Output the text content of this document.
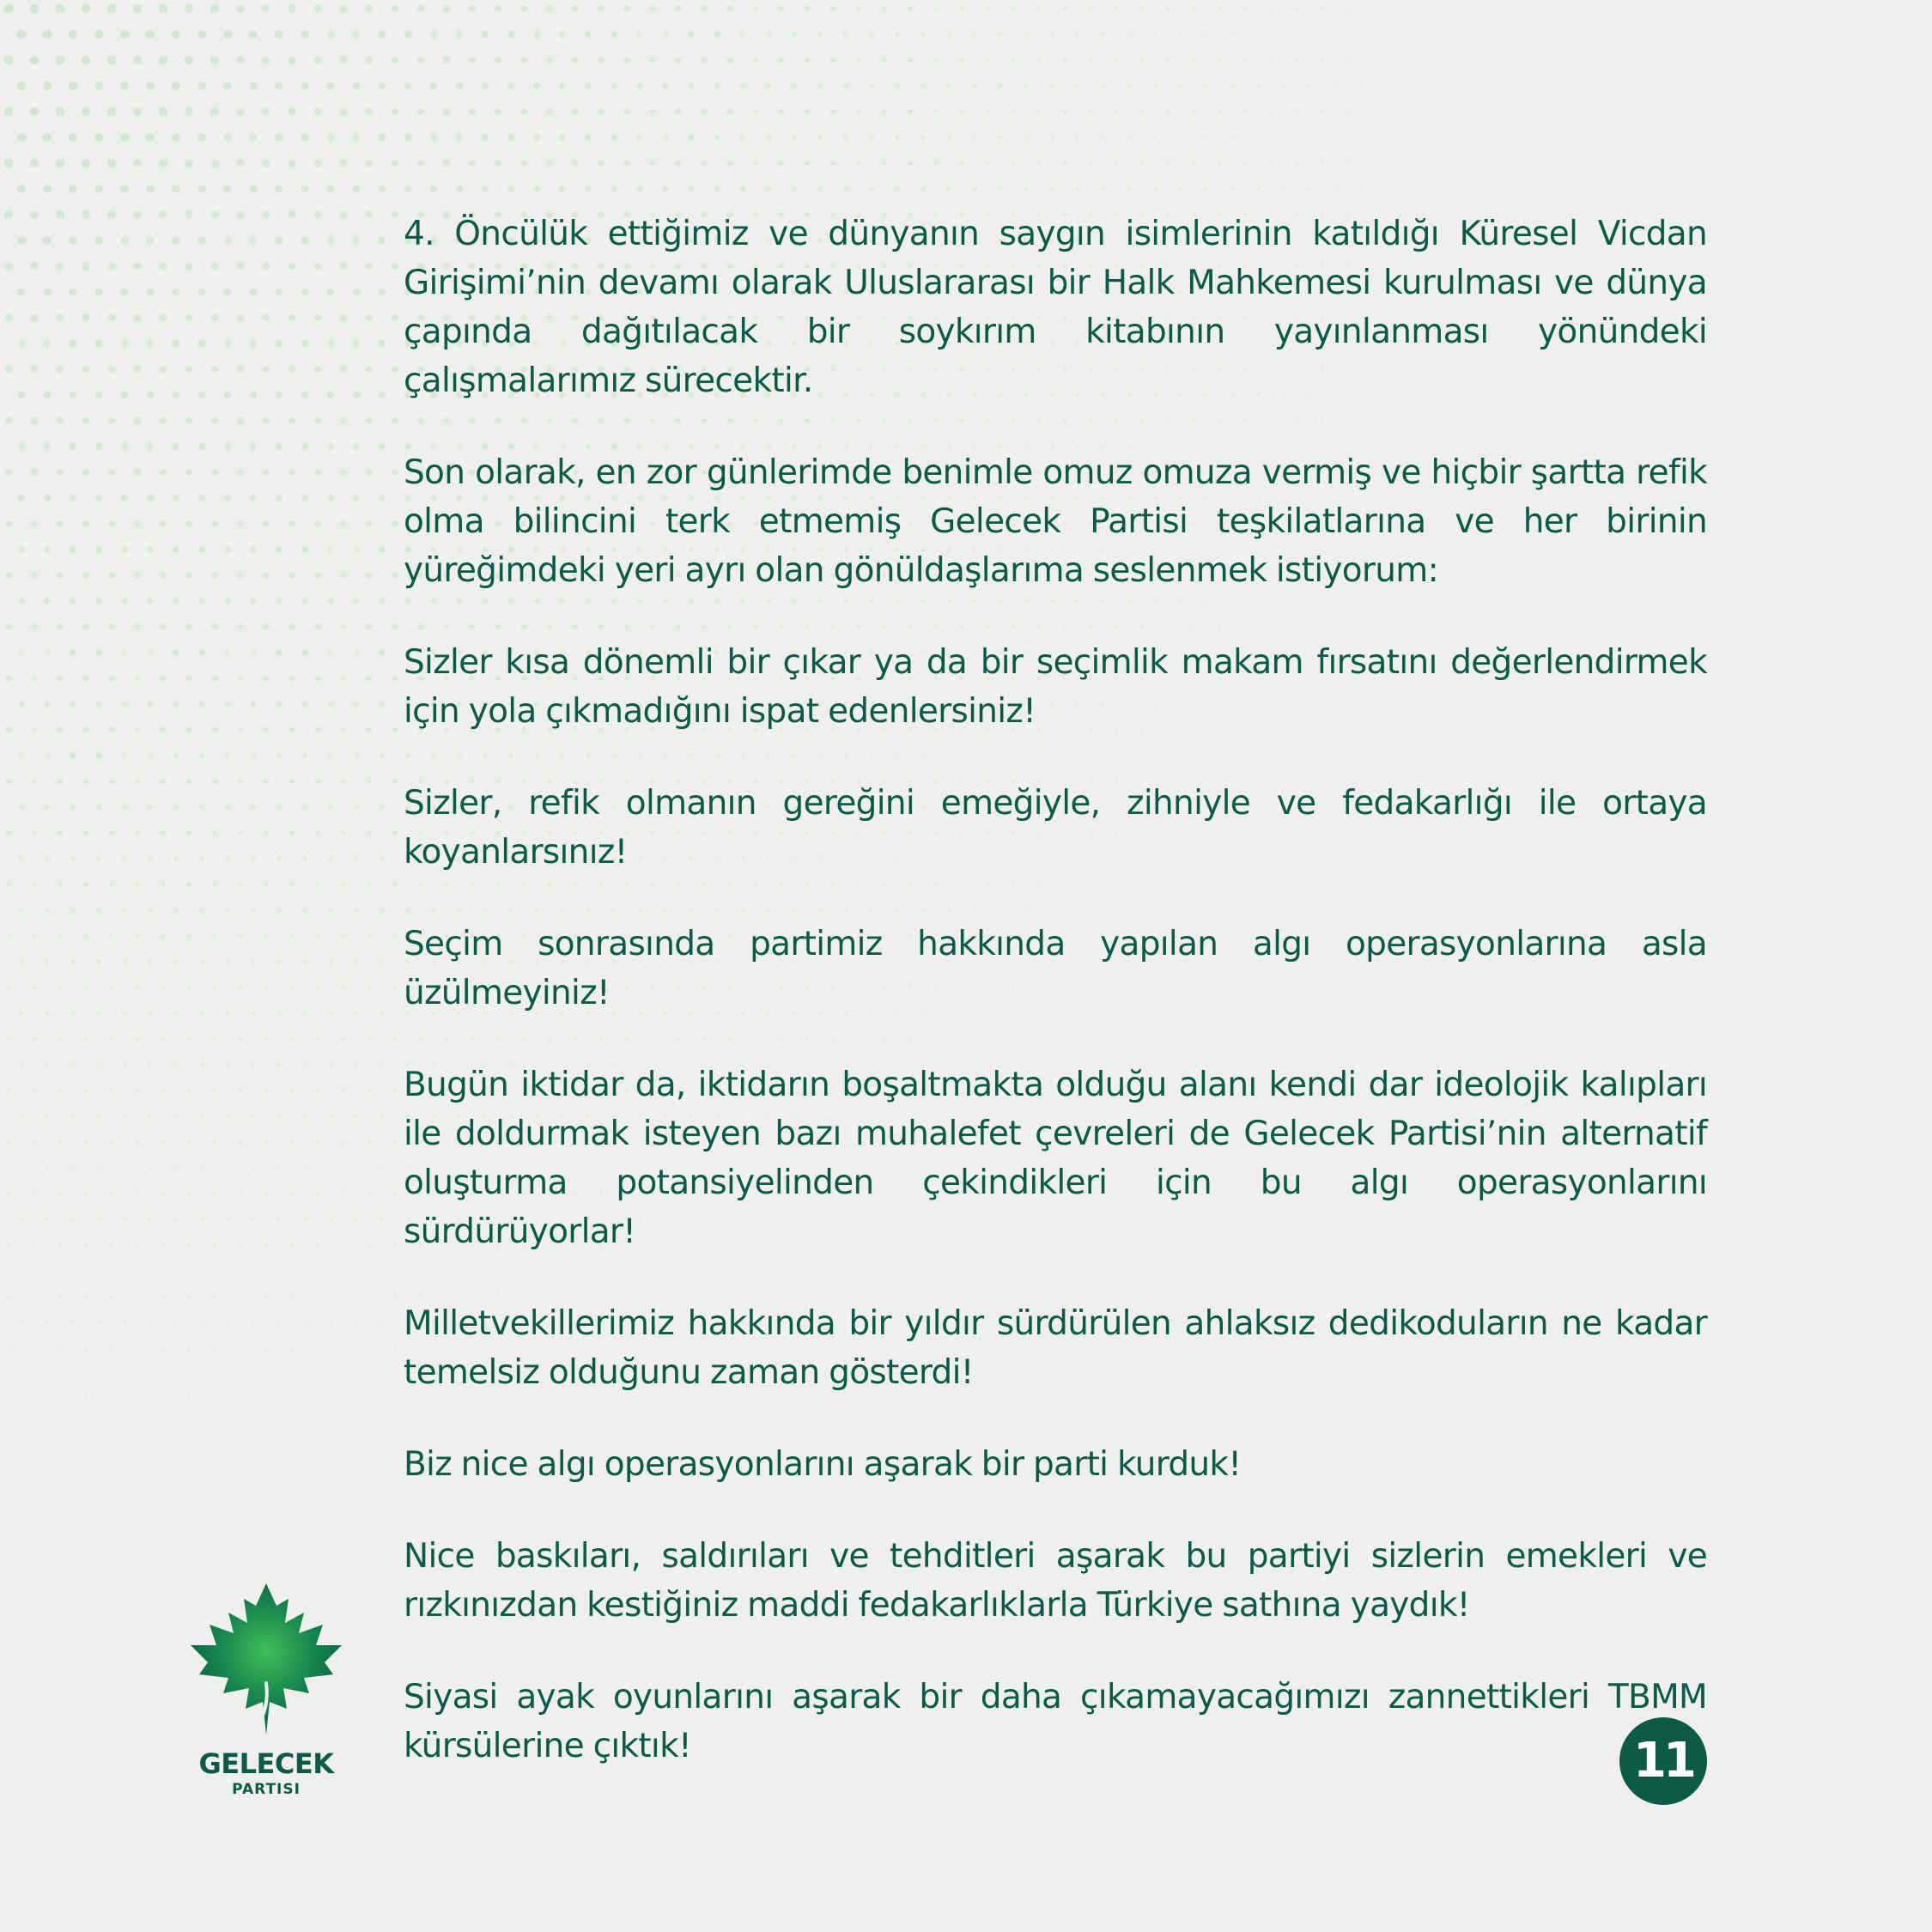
4. Öncülük ettiğimiz ve dünyanın saygın isimlerinin katıldığı Küresel Vicdan Girişimi’nin devamı olarak Uluslararası bir Halk Mahkemesi kurulması ve dünya çapında dağıtılacak bir soykırım kitabının yayınlanması yönündeki çalışmalarımız sürecektir.

Son olarak, en zor günlerimde benimle omuz omuza vermiş ve hiçbir şartta refik olma bilincini terk etmemiş Gelecek Partisi teşkilatlarına ve her birinin yüreğimdeki yeri ayrı olan gönüldaşlarıma seslenmek istiyorum:

Sizler kısa dönemli bir çıkar ya da bir seçimlik makam fırsatını değerlendirmek için yola çıkmadığını ispat edenlersiniz!

Sizler, refik olmanın gereğini emeğiyle, zihniyle ve fedakarlığı ile ortaya koyanlarsınız!

Seçim sonrasında partimiz hakkında yapılan algı operasyonlarına asla üzülmeyiniz!

Bugün iktidar da, iktidarın boşaltmakta olduğu alanı kendi dar ideolojik kalıpları ile doldurmak isteyen bazı muhalefet çevreleri de Gelecek Partisi’nin alternatif oluşturma potansiyelinden çekindikleri için bu algı operasyonlarını sürdürüyorlar!

Milletvekillerimiz hakkında bir yıldır sürdürülen ahlaksız dedikoduların ne kadar temelsiz olduğunu zaman gösterdi!

Biz nice algı operasyonlarını aşarak bir parti kurduk!

Nice baskıları, saldırıları ve tehditleri aşarak bu partiyi sizlerin emekleri ve rızkınızdan kestiğiniz maddi fedakarlıklarla Türkiye sathına yaydık!

Siyasi ayak oyunlarını aşarak bir daha çıkamayacağımızı zannettikleri TBMM kürsülerine çıktık!

GELECEK
PARTISI
11
